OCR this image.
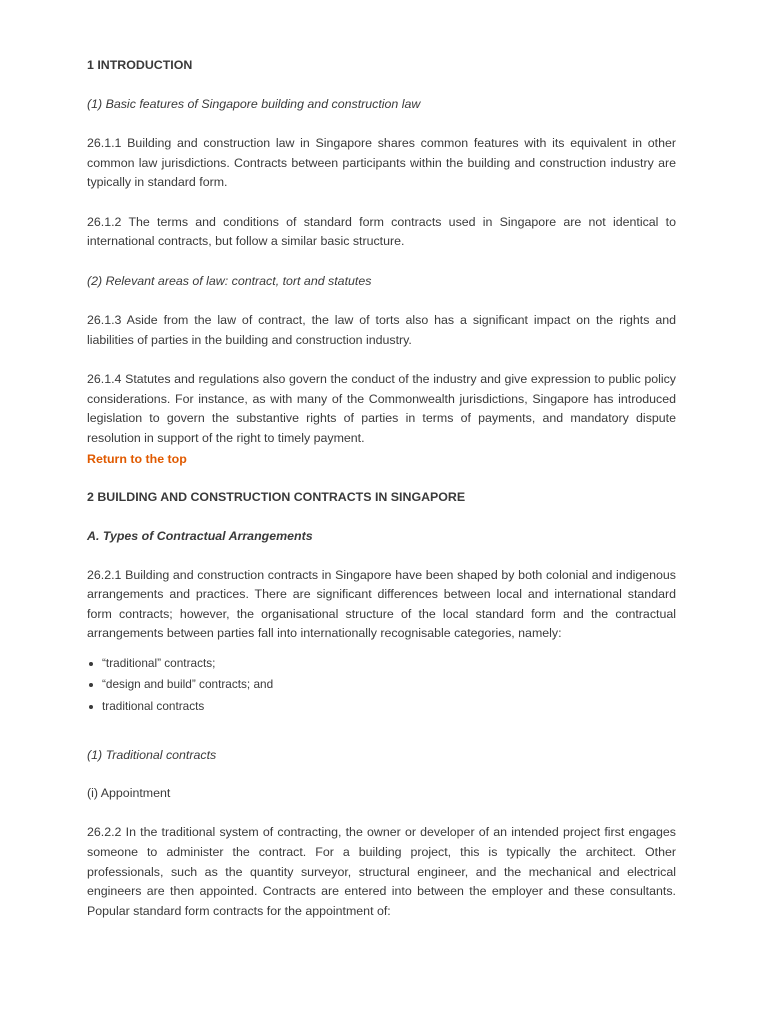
1 INTRODUCTION

(1) Basic features of Singapore building and construction law

26.1.1 Building and construction law in Singapore shares common features with its equivalent in other common law jurisdictions. Contracts between participants within the building and construction industry are typically in standard form.

26.1.2 The terms and conditions of standard form contracts used in Singapore are not identical to international contracts, but follow a similar basic structure.

(2) Relevant areas of law: contract, tort and statutes

26.1.3 Aside from the law of contract, the law of torts also has a significant impact on the rights and liabilities of parties in the building and construction industry.

26.1.4 Statutes and regulations also govern the conduct of the industry and give expression to public policy considerations. For instance, as with many of the Commonwealth jurisdictions, Singapore has introduced legislation to govern the substantive rights of parties in terms of payments, and mandatory dispute resolution in support of the right to timely payment.

Return to the top

2 BUILDING AND CONSTRUCTION CONTRACTS IN SINGAPORE

A. Types of Contractual Arrangements

26.2.1 Building and construction contracts in Singapore have been shaped by both colonial and indigenous arrangements and practices. There are significant differences between local and international standard form contracts; however, the organisational structure of the local standard form and the contractual arrangements between parties fall into internationally recognisable categories, namely:

“traditional” contracts;
“design and build” contracts; and
traditional contracts

(1) Traditional contracts

(i) Appointment

26.2.2 In the traditional system of contracting, the owner or developer of an intended project first engages someone to administer the contract. For a building project, this is typically the architect. Other professionals, such as the quantity surveyor, structural engineer, and the mechanical and electrical engineers are then appointed. Contracts are entered into between the employer and these consultants. Popular standard form contracts for the appointment of:
